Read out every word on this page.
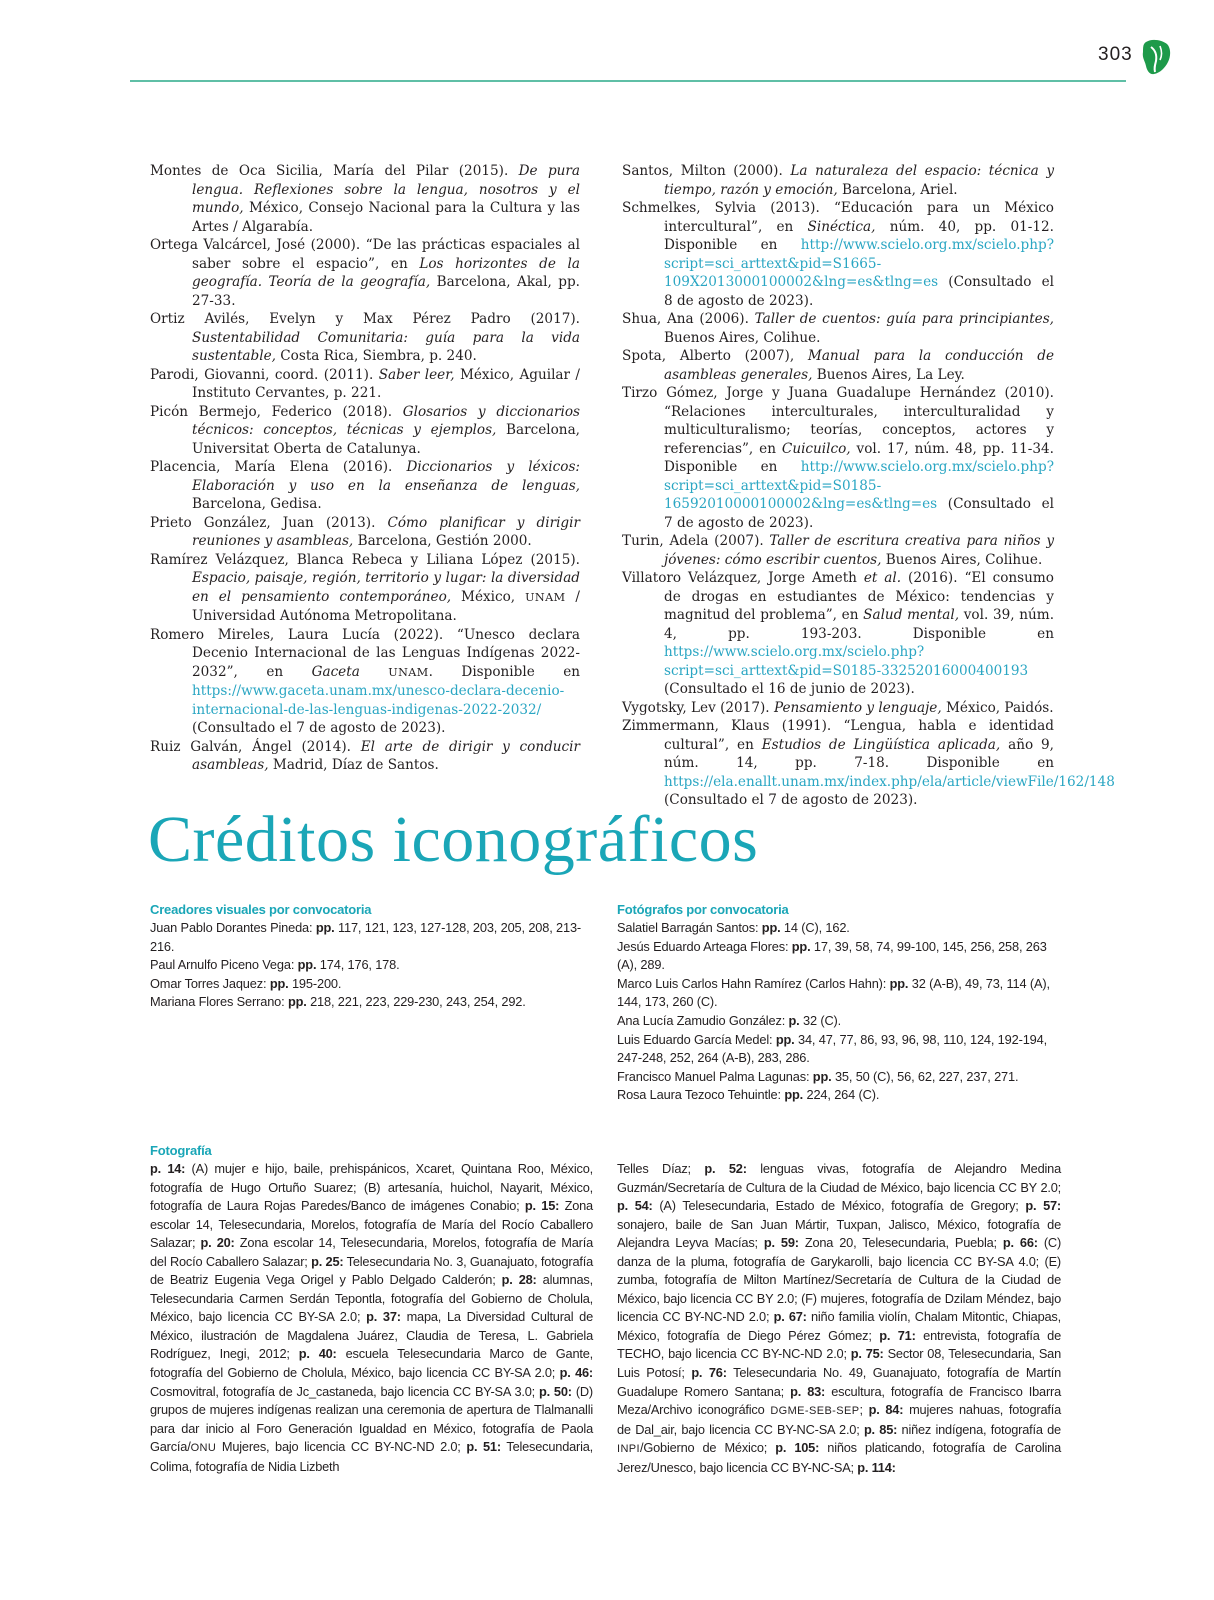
303

Montes de Oca Sicilia, María del Pilar (2015). De pura lengua. Reflexiones sobre la lengua, nosotros y el mundo, México, Consejo Nacional para la Cultura y las Artes / Algarabía.

Ortega Valcárcel, José (2000). “De las prácticas espaciales al saber sobre el espacio”, en Los horizontes de la geografía. Teoría de la geografía, Barcelona, Akal, pp. 27-33.

Ortiz Avilés, Evelyn y Max Pérez Padro (2017). Sustentabilidad Comunitaria: guía para la vida sustentable, Costa Rica, Siembra, p. 240.

Parodi, Giovanni, coord. (2011). Saber leer, México, Aguilar / Instituto Cervantes, p. 221.

Picón Bermejo, Federico (2018). Glosarios y diccionarios técnicos: conceptos, técnicas y ejemplos, Barcelona, Universitat Oberta de Catalunya.

Placencia, María Elena (2016). Diccionarios y léxicos: Elaboración y uso en la enseñanza de lenguas, Barcelona, Gedisa.

Prieto González, Juan (2013). Cómo planificar y dirigir reuniones y asambleas, Barcelona, Gestión 2000.

Ramírez Velázquez, Blanca Rebeca y Liliana López (2015). Espacio, paisaje, región, territorio y lugar: la diversidad en el pensamiento contemporáneo, México, UNAM / Universidad Autónoma Metropolitana.

Romero Mireles, Laura Lucía (2022). “Unesco declara Decenio Internacional de las Lenguas Indígenas 2022-2032”, en Gaceta UNAM. Disponible en https://www.gaceta.unam.mx/unesco-declara-decenio-internacional-de-las-lenguas-indigenas-2022-2032/ (Consultado el 7 de agosto de 2023).

Ruiz Galván, Ángel (2014). El arte de dirigir y conducir asambleas, Madrid, Díaz de Santos.

Santos, Milton (2000). La naturaleza del espacio: técnica y tiempo, razón y emoción, Barcelona, Ariel.

Schmelkes, Sylvia (2013). “Educación para un México intercultural”, en Sinéctica, núm. 40, pp. 01-12. Disponible en http://www.scielo.org.mx/scielo.php?script=sci_arttext&pid=S1665-109X2013000100002&lng=es&tlng=es (Consultado el 8 de agosto de 2023).

Shua, Ana (2006). Taller de cuentos: guía para principiantes, Buenos Aires, Colihue.

Spota, Alberto (2007), Manual para la conducción de asambleas generales, Buenos Aires, La Ley.

Tirzo Gómez, Jorge y Juana Guadalupe Hernández (2010). “Relaciones interculturales, interculturalidad y multiculturalismo; teorías, conceptos, actores y referencias”, en Cuicuilco, vol. 17, núm. 48, pp. 11-34. Disponible en http://www.scielo.org.mx/scielo.php?script=sci_arttext&pid=S0185-16592010000100002&lng=es&tlng=es (Consultado el 7 de agosto de 2023).

Turin, Adela (2007). Taller de escritura creativa para niños y jóvenes: cómo escribir cuentos, Buenos Aires, Colihue.

Villatoro Velázquez, Jorge Ameth et al. (2016). “El consumo de drogas en estudiantes de México: tendencias y magnitud del problema”, en Salud mental, vol. 39, núm. 4, pp. 193-203. Disponible en https://www.scielo.org.mx/scielo.php?script=sci_arttext&pid=S0185-33252016000400193 (Consultado el 16 de junio de 2023).

Vygotsky, Lev (2017). Pensamiento y lenguaje, México, Paidós.

Zimmermann, Klaus (1991). “Lengua, habla e identidad cultural”, en Estudios de Lingüística aplicada, año 9, núm. 14, pp. 7-18. Disponible en https://ela.enallt.unam.mx/index.php/ela/article/viewFile/162/148 (Consultado el 7 de agosto de 2023).

Créditos iconográficos

Creadores visuales por convocatoria

Juan Pablo Dorantes Pineda: pp. 117, 121, 123, 127-128, 203, 205, 208, 213-216.

Paul Arnulfo Piceno Vega: pp. 174, 176, 178.

Omar Torres Jaquez: pp. 195-200.

Mariana Flores Serrano: pp. 218, 221, 223, 229-230, 243, 254, 292.

Fotógrafos por convocatoria

Salatiel Barragán Santos: pp. 14 (C), 162.

Jesús Eduardo Arteaga Flores: pp. 17, 39, 58, 74, 99-100, 145, 256, 258, 263 (A), 289.

Marco Luis Carlos Hahn Ramírez (Carlos Hahn): pp. 32 (A-B), 49, 73, 114 (A), 144, 173, 260 (C).

Ana Lucía Zamudio González: p. 32 (C).

Luis Eduardo García Medel: pp. 34, 47, 77, 86, 93, 96, 98, 110, 124, 192-194, 247-248, 252, 264 (A-B), 283, 286.

Francisco Manuel Palma Lagunas: pp. 35, 50 (C), 56, 62, 227, 237, 271.

Rosa Laura Tezoco Tehuintle: pp. 224, 264 (C).

Fotografía

p. 14: (A) mujer e hijo, baile, prehispánicos, Xcaret, Quintana Roo, México, fotografía de Hugo Ortuño Suarez; (B) artesanía, huichol, Nayarit, México, fotografía de Laura Rojas Paredes/Banco de imágenes Conabio; p. 15: Zona escolar 14, Telesecundaria, Morelos, fotografía de María del Rocío Caballero Salazar; p. 20: Zona escolar 14, Telesecundaria, Morelos, fotografía de María del Rocío Caballero Salazar; p. 25: Telesecundaria No. 3, Guanajuato, fotografía de Beatriz Eugenia Vega Origel y Pablo Delgado Calderón; p. 28: alumnas, Telesecundaria Carmen Serdán Tepontla, fotografía del Gobierno de Cholula, México, bajo licencia CC BY-SA 2.0; p. 37: mapa, La Diversidad Cultural de México, ilustración de Magdalena Juárez, Claudia de Teresa, L. Gabriela Rodríguez, Inegi, 2012; p. 40: escuela Telesecundaria Marco de Gante, fotografía del Gobierno de Cholula, México, bajo licencia CC BY-SA 2.0; p. 46: Cosmovitral, fotografía de Jc_castaneda, bajo licencia CC BY-SA 3.0; p. 50: (D) grupos de mujeres indígenas realizan una ceremonia de apertura de Tlalmanalli para dar inicio al Foro Generación Igualdad en México, fotografía de Paola García/ONU Mujeres, bajo licencia CC BY-NC-ND 2.0; p. 51: Telesecundaria, Colima, fotografía de Nidia Lizbeth

Telles Díaz; p. 52: lenguas vivas, fotografía de Alejandro Medina Guzmán/Secretaría de Cultura de la Ciudad de México, bajo licencia CC BY 2.0; p. 54: (A) Telesecundaria, Estado de México, fotografía de Gregory; p. 57: sonajero, baile de San Juan Mártir, Tuxpan, Jalisco, México, fotografía de Alejandra Leyva Macías; p. 59: Zona 20, Telesecundaria, Puebla; p. 66: (C) danza de la pluma, fotografía de Garykarolli, bajo licencia CC BY-SA 4.0; (E) zumba, fotografía de Milton Martínez/Secretaría de Cultura de la Ciudad de México, bajo licencia CC BY 2.0; (F) mujeres, fotografía de Dzilam Méndez, bajo licencia CC BY-NC-ND 2.0; p. 67: niño familia violín, Chalam Mitontic, Chiapas, México, fotografía de Diego Pérez Gómez; p. 71: entrevista, fotografía de TECHO, bajo licencia CC BY-NC-ND 2.0; p. 75: Sector 08, Telesecundaria, San Luis Potosí; p. 76: Telesecundaria No. 49, Guanajuato, fotografía de Martín Guadalupe Romero Santana; p. 83: escultura, fotografía de Francisco Ibarra Meza/Archivo iconográfico DGME-SEB-SEP; p. 84: mujeres nahuas, fotografía de Dal_air, bajo licencia CC BY-NC-SA 2.0; p. 85: niñez indígena, fotografía de INPI/Gobierno de México; p. 105: niños platicando, fotografía de Carolina Jerez/Unesco, bajo licencia CC BY-NC-SA; p. 114:
